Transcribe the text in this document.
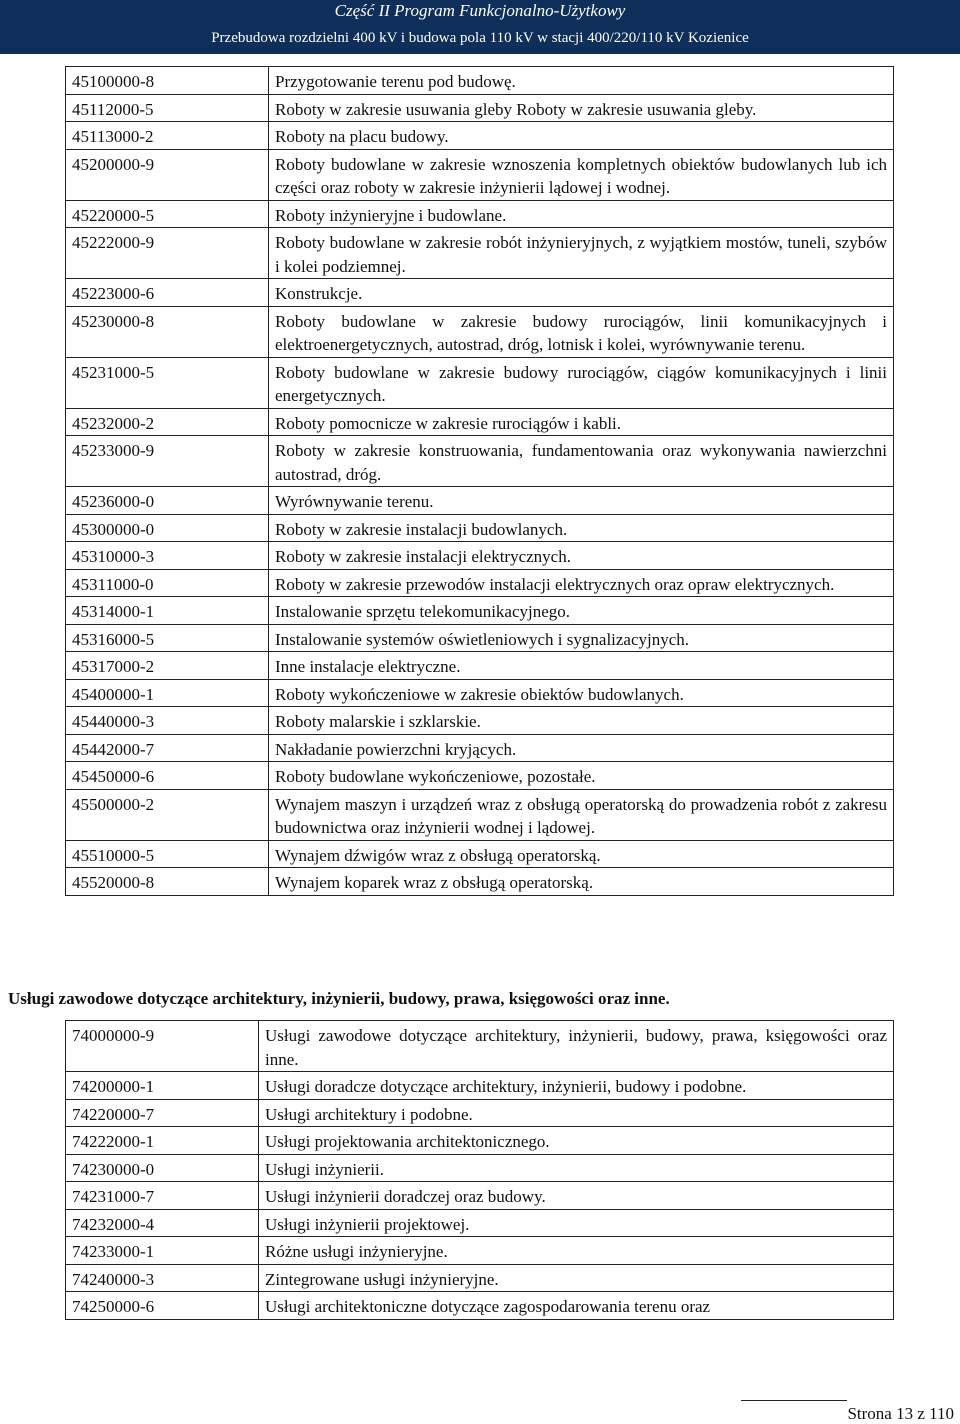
Część II Program Funkcjonalno-Użytkowy
Przebudowa rozdzielni 400 kV i budowa pola 110 kV w stacji 400/220/110 kV Kozienice
45100000-8	Przygotowanie terenu pod budowę.
45112000-5	Roboty w zakresie usuwania gleby Roboty w zakresie usuwania gleby.
45113000-2	Roboty na placu budowy.
45200000-9	Roboty budowlane w zakresie wznoszenia kompletnych obiektów budowlanych lub ich części oraz roboty w zakresie inżynierii lądowej i wodnej.
45220000-5	Roboty inżynieryjne i budowlane.
45222000-9	Roboty budowlane w zakresie robót inżynieryjnych, z wyjątkiem mostów, tuneli, szybów i kolei podziemnej.
45223000-6	Konstrukcje.
45230000-8	Roboty budowlane w zakresie budowy rurociągów, linii komunikacyjnych i elektroenergetycznych, autostrad, dróg, lotnisk i kolei, wyrównywanie terenu.
45231000-5	Roboty budowlane w zakresie budowy rurociągów, ciągów komunikacyjnych i linii energetycznych.
45232000-2	Roboty pomocnicze w zakresie rurociągów i kabli.
45233000-9	Roboty w zakresie konstruowania, fundamentowania oraz wykonywania nawierzchni autostrad, dróg.
45236000-0	Wyrównywanie terenu.
45300000-0	Roboty w zakresie instalacji budowlanych.
45310000-3	Roboty w zakresie instalacji elektrycznych.
45311000-0	Roboty w zakresie przewodów instalacji elektrycznych oraz opraw elektrycznych.
45314000-1	Instalowanie sprzętu telekomunikacyjnego.
45316000-5	Instalowanie systemów oświetleniowych i sygnalizacyjnych.
45317000-2	Inne instalacje elektryczne.
45400000-1	Roboty wykończeniowe w zakresie obiektów budowlanych.
45440000-3	Roboty malarskie i szklarskie.
45442000-7	Nakładanie powierzchni kryjących.
45450000-6	Roboty budowlane wykończeniowe, pozostałe.
45500000-2	Wynajem maszyn i urządzeń wraz z obsługą operatorską do prowadzenia robót z zakresu budownictwa oraz inżynierii wodnej i lądowej.
45510000-5	Wynajem dźwigów wraz z obsługą operatorską.
45520000-8	Wynajem koparek wraz z obsługą operatorską.
Usługi zawodowe dotyczące architektury, inżynierii, budowy, prawa, księgowości oraz inne.
74000000-9	Usługi zawodowe dotyczące architektury, inżynierii, budowy, prawa, księgowości oraz inne.
74200000-1	Usługi doradcze dotyczące architektury, inżynierii, budowy i podobne.
74220000-7	Usługi architektury i podobne.
74222000-1	Usługi projektowania architektonicznego.
74230000-0	Usługi inżynierii.
74231000-7	Usługi inżynierii doradczej oraz budowy.
74232000-4	Usługi inżynierii projektowej.
74233000-1	Różne usługi inżynieryjne.
74240000-3	Zintegrowane usługi inżynieryjne.
74250000-6	Usługi architektoniczne dotyczące zagospodarowania terenu oraz
Strona 13 z 110
